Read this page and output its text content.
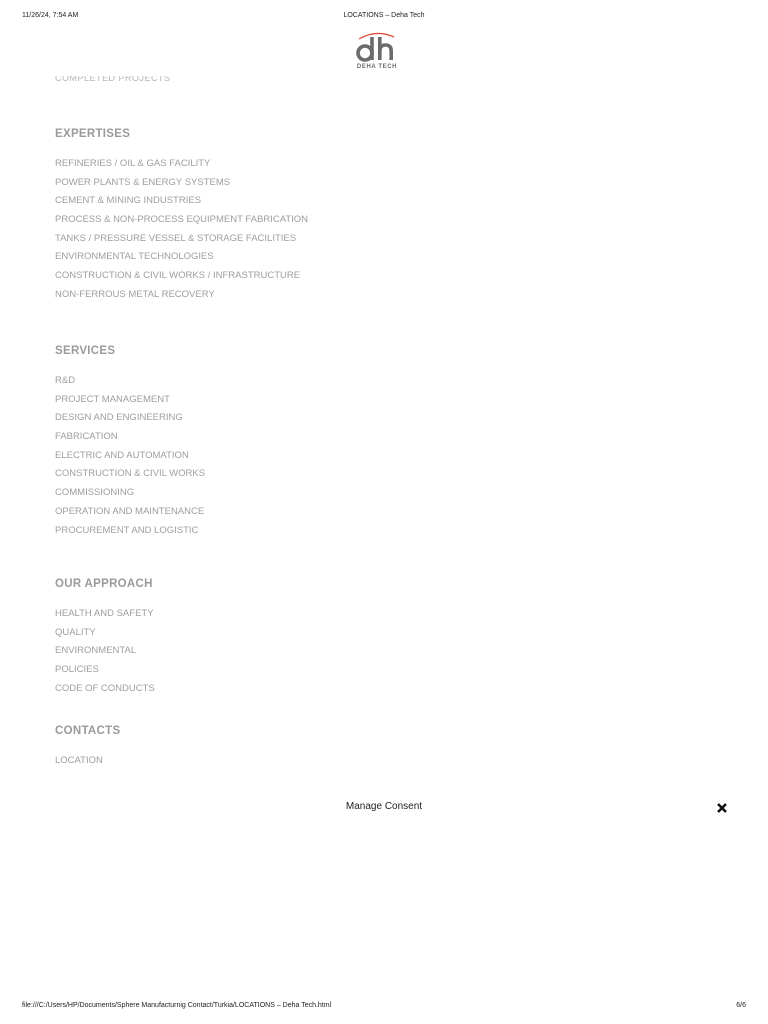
11/26/24, 7:54 AM	LOCATIONS – Deha Tech
DEHA TECH
COMPLETED PROJECTS
EXPERTISES
REFINERIES / OIL & GAS FACILITY
POWER PLANTS & ENERGY SYSTEMS
CEMENT & MINING INDUSTRIES
PROCESS & NON-PROCESS EQUIPMENT FABRICATION
TANKS / PRESSURE VESSEL & STORAGE FACILITIES
ENVIRONMENTAL TECHNOLOGIES
CONSTRUCTION & CIVIL WORKS / INFRASTRUCTURE
NON-FERROUS METAL RECOVERY
SERVICES
R&D
PROJECT MANAGEMENT
DESIGN AND ENGINEERING
FABRICATION
ELECTRIC AND AUTOMATION
CONSTRUCTION & CIVIL WORKS
COMMISSIONING
OPERATION AND MAINTENANCE
PROCUREMENT AND LOGISTIC
OUR APPROACH
HEALTH AND SAFETY
QUALITY
ENVIRONMENTAL
POLICIES
CODE OF CONDUCTS
CONTACTS
LOCATION
Manage Consent
file:///C:/Users/HP/Documents/Sphere Manufacturnig Contact/Turkia/LOCATIONS – Deha Tech.html	6/6
